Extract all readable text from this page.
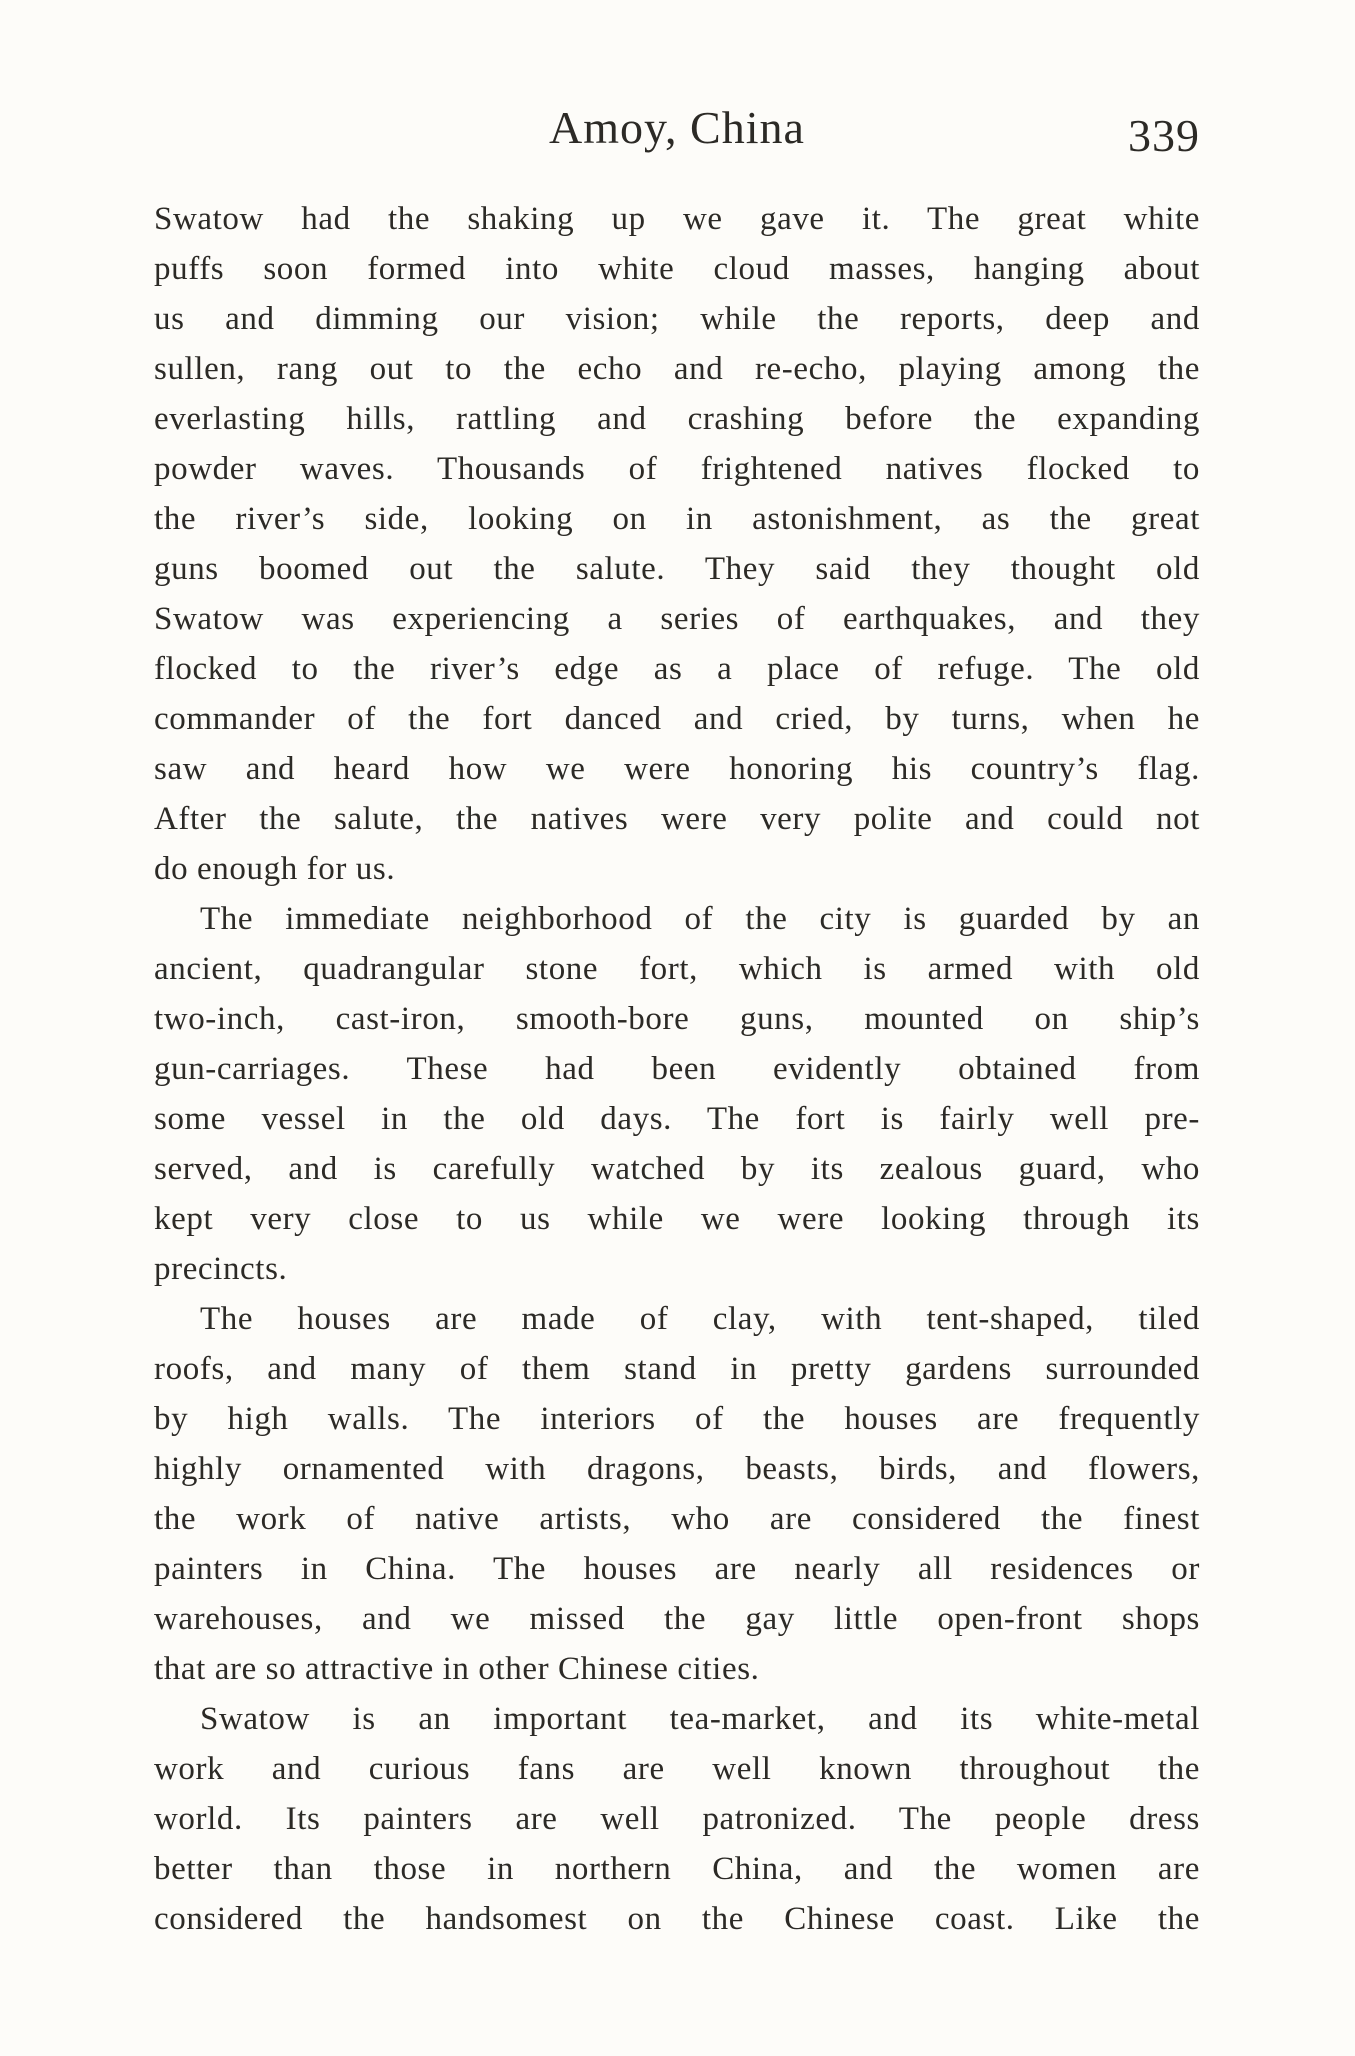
Amoy, China	339
Swatow had the shaking up we gave it. The great white
puffs soon formed into white cloud masses, hanging about
us and dimming our vision; while the reports, deep and
sullen, rang out to the echo and re-echo, playing among the
everlasting hills, rattling and crashing before the expanding
powder waves. Thousands of frightened natives flocked to
the river’s side, looking on in astonishment, as the great
guns boomed out the salute. They said they thought old
Swatow was experiencing a series of earthquakes, and they
flocked to the river’s edge as a place of refuge. The old
commander of the fort danced and cried, by turns, when he
saw and heard how we were honoring his country’s flag.
After the salute, the natives were very polite and could not
do enough for us.
The immediate neighborhood of the city is guarded by an
ancient, quadrangular stone fort, which is armed with old
two-inch, cast-iron, smooth-bore guns, mounted on ship’s
gun-carriages. These had been evidently obtained from
some vessel in the old days. The fort is fairly well pre-
served, and is carefully watched by its zealous guard, who
kept very close to us while we were looking through its
precincts.
The houses are made of clay, with tent-shaped, tiled
roofs, and many of them stand in pretty gardens surrounded
by high walls. The interiors of the houses are frequently
highly ornamented with dragons, beasts, birds, and flowers,
the work of native artists, who are considered the finest
painters in China. The houses are nearly all residences or
warehouses, and we missed the gay little open-front shops
that are so attractive in other Chinese cities.
Swatow is an important tea-market, and its white-metal
work and curious fans are well known throughout the
world. Its painters are well patronized. The people dress
better than those in northern China, and the women are
considered the handsomest on the Chinese coast. Like the
